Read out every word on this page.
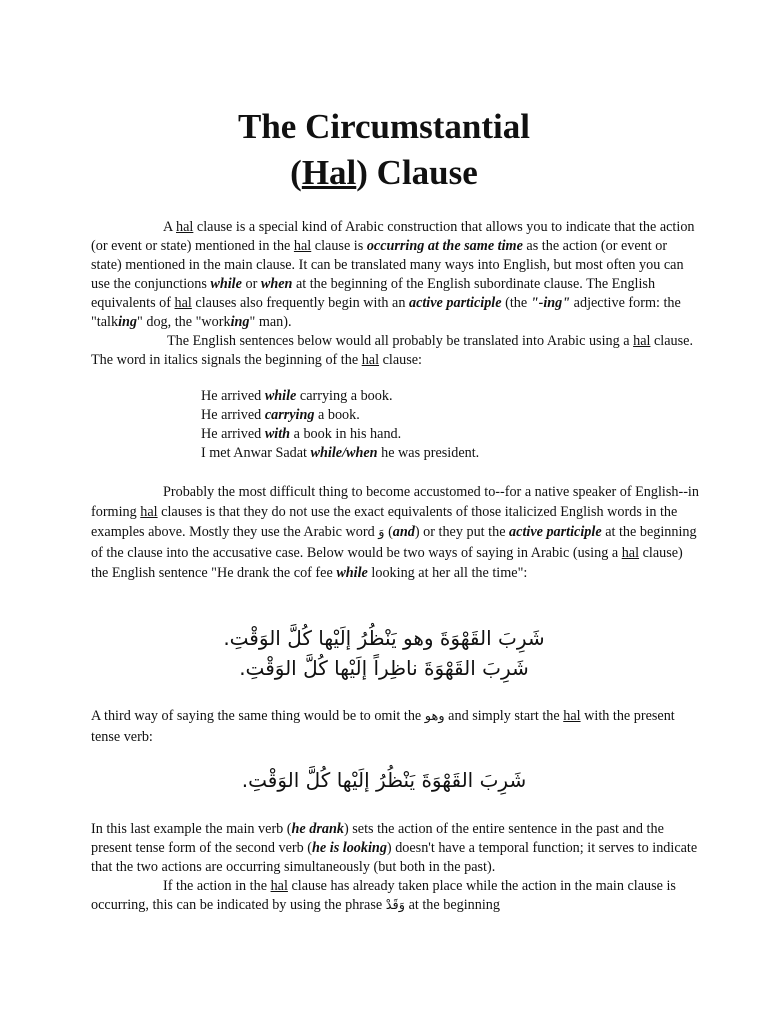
The Circumstantial
(Hal) Clause

A hal clause is a special kind of Arabic construction that allows you to indicate that the action (or event or state) mentioned in the hal clause is occurring at the same time as the action (or event or state) mentioned in the main clause. It can be translated many ways into English, but most often you can use the conjunctions while or when at the beginning of the English subordinate clause. The English equivalents of hal clauses also frequently begin with an active participle (the "-ing" adjective form: the "talking" dog, the "working" man).

The English sentences below would all probably be translated into Arabic using a hal clause. The word in italics signals the beginning of the hal clause:

He arrived while carrying a book.
He arrived carrying a book.
He arrived with a book in his hand.
I met Anwar Sadat while/when he was president.

Probably the most difficult thing to become accustomed to--for a native speaker of English--in forming hal clauses is that they do not use the exact equivalents of those italicized English words in the examples above. Mostly they use the Arabic word وَ (and) or they put the active participle at the beginning of the clause into the accusative case. Below would be two ways of saying in Arabic (using a hal clause) the English sentence "He drank the cof fee while looking at her all the time":

شَرِبَ القَهْوَةَ وهو يَنْظُرُ إلَيْها كُلَّ الوَقْتِ.
شَرِبَ القَهْوَةَ ناظِراً إلَيْها كُلَّ الوَقْتِ.

A third way of saying the same thing would be to omit the وهو and simply start the hal with the present tense verb:

شَرِبَ القَهْوَةَ يَنْظُرُ إلَيْها كُلَّ الوَقْتِ.

In this last example the main verb (he drank) sets the action of the entire sentence in the past and the present tense form of the second verb (he is looking) doesn't have a temporal function; it serves to indicate that the two actions are occurring simultaneously (but both in the past).

If the action in the hal clause has already taken place while the action in the main clause is occurring, this can be indicated by using the phrase وَقَدْ at the beginning
